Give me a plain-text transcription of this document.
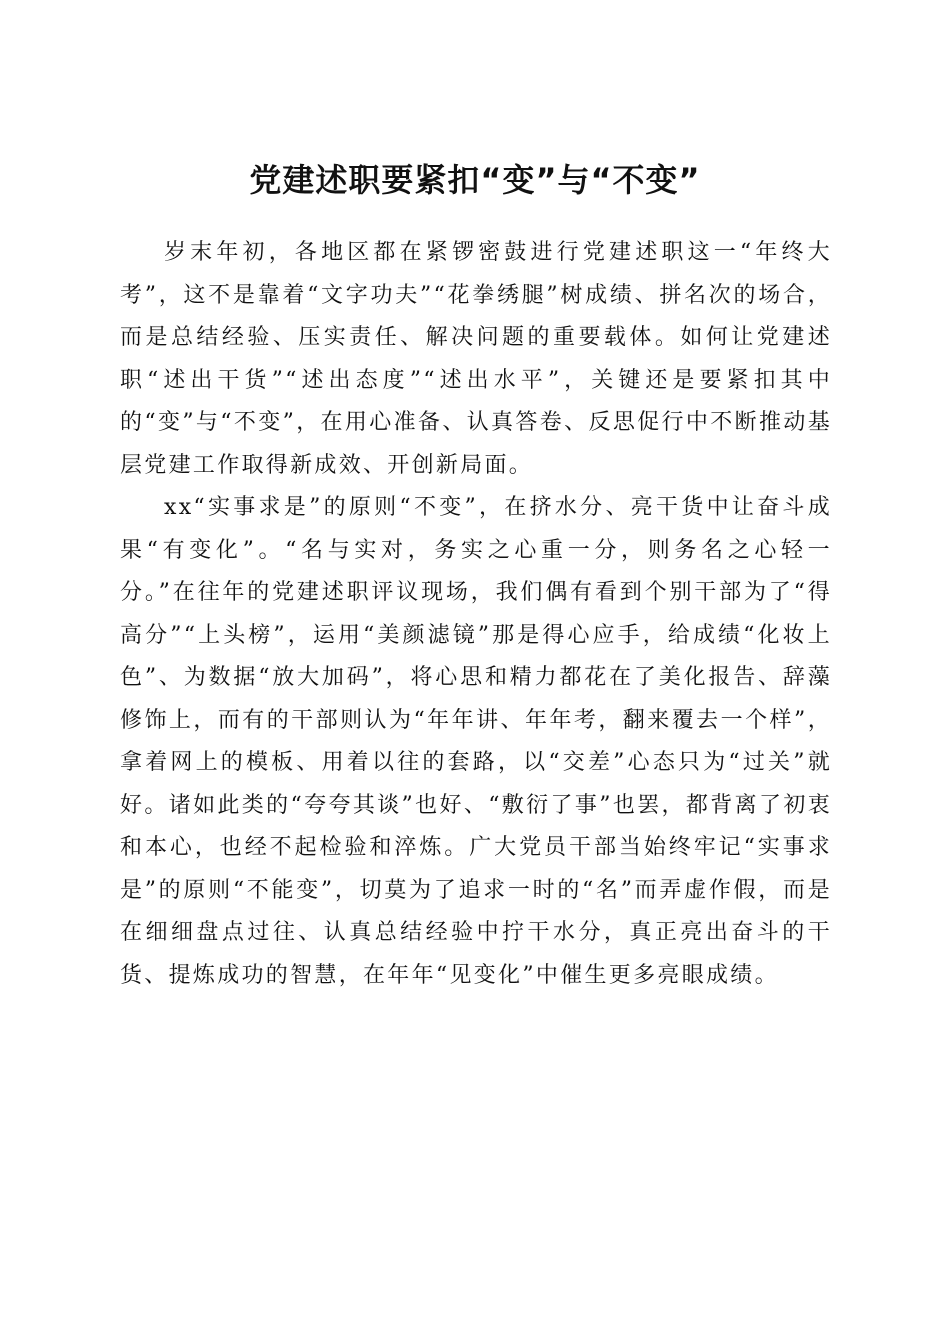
党建述职要紧扣“变”与“不变”

岁末年初，各地区都在紧锣密鼓进行党建述职这一“年终大考”，这不是靠着“文字功夫”“花拳绣腿”树成绩、拼名次的场合，而是总结经验、压实责任、解决问题的重要载体。如何让党建述职“述出干货”“述出态度”“述出水平”，关键还是要紧扣其中的“变”与“不变”，在用心准备、认真答卷、反思促行中不断推动基层党建工作取得新成效、开创新局面。

xx“实事求是”的原则“不变”，在挤水分、亮干货中让奋斗成果“有变化”。“名与实对，务实之心重一分，则务名之心轻一分。”在往年的党建述职评议现场，我们偶有看到个别干部为了“得高分”“上头榜”，运用“美颜滤镜”那是得心应手，给成绩“化妆上色”、为数据“放大加码”，将心思和精力都花在了美化报告、辞藻修饰上，而有的干部则认为“年年讲、年年考，翻来覆去一个样”，拿着网上的模板、用着以往的套路，以“交差”心态只为“过关”就好。诸如此类的“夸夸其谈”也好、“敷衍了事”也罢，都背离了初衷和本心，也经不起检验和淬炼。广大党员干部当始终牢记“实事求是”的原则“不能变”，切莫为了追求一时的“名”而弄虚作假，而是在细细盘点过往、认真总结经验中拧干水分，真正亮出奋斗的干货、提炼成功的智慧，在年年“见变化”中催生更多亮眼成绩。
